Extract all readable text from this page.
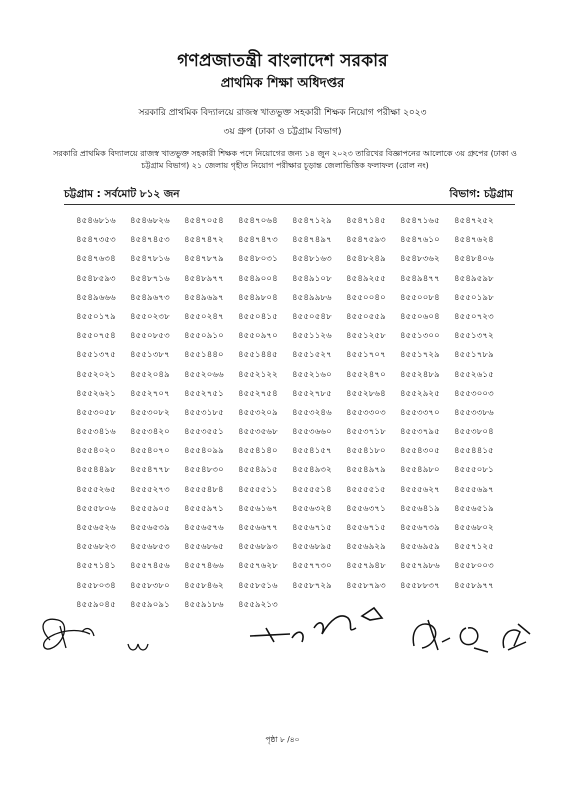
গণপ্রজাতন্ত্রী বাংলাদেশ সরকার
প্রাথমিক শিক্ষা অধিদপ্তর
সরকারি প্রাথমিক বিদ্যালয়ে রাজস্ব খাতভুক্ত সহকারী শিক্ষক নিয়োগ পরীক্ষা ২০২৩
৩য় গ্রুপ (ঢাকা ও চট্টগ্রাম বিভাগ)
সরকারি প্রাথমিক বিদ্যালয়ে রাজস্ব খাতভুক্ত সহকারী শিক্ষক পদে নিয়োগের জন্য ১৪ জুন ২০২৩ তারিখের বিজ্ঞাপনের আলোকে ৩য় গ্রুপের (ঢাকা ও চট্টগ্রাম বিভাগ) ২১ জেলায় গৃহীত নিয়োগ পরীক্ষার চূড়ান্ত জেলাভিত্তিক ফলাফল (রোল নং)
চট্টগ্রাম : সর্বমোট ৮১২ জন	বিভাগ: চট্টগ্রাম
৪৫৪৬৮১৬	৪৫৪৬৮২৬	৪৫৪৭০৫৪	৪৫৪৭০৬৪	৪৫৪৭১২৯	৪৫৪৭১৪৫	৪৫৪৭১৬৫	৪৫৪৭২৫২
৪৫৪৭৩৫৩	৪৫৪৭৪৫৩	৪৫৪৭৪৭২	৪৫৪৭৪৭৩	৪৫৪৭৪৯৭	৪৫৪৭৫৯৩	৪৫৪৭৬১০	৪৫৪৭৬২৪
৪৫৪৭৬৩৪	৪৫৪৭৮১৬	৪৫৪৭৮৭৯	৪৫৪৮০৩১	৪৫৪৮১৬৩	৪৫৪৮২৪৯	৪৫৪৮৩৬২	৪৫৪৮৪০৬
৪৫৪৮৫৯৩	৪৫৪৮৭১৬	৪৫৪৮৯৭৭	৪৫৪৯০০৪	৪৫৪৯১০৮	৪৫৪৯২৫৫	৪৫৪৯৪৭৭	৪৫৪৯৫৯৮
৪৫৪৯৬৬৬	৪৫৪৯৬৭৩	৪৫৪৯৬৯৭	৪৫৪৯৮০৪	৪৫৪৯৯৮৬	৪৫৫০০৪০	৪৫৫০০৮৪	৪৫৫০১৯৮
৪৫৫০১৭৯	৪৫৫০২৩৮	৪৫৫০২৪৭	৪৫৫০৪১৫	৪৫৫০৫৪৮	৪৫৫০৫৫৯	৪৫৫০৬০৪	৪৫৫০৭২৩
৪৫৫০৭৫৪	৪৫৫০৮৫৩	৪৫৫০৯১০	৪৫৫০৯৭০	৪৫৫১১২৬	৪৫৫১২৫৮	৪৫৫১৩০০	৪৫৫১৩৭২
৪৫৫১৩৭৫	৪৫৫১৩৮৭	৪৫৫১৪৪০	৪৫৫১৪৪৫	৪৫৫১৫২৭	৪৫৫১৭০৭	৪৫৫১৭২৯	৪৫৫১৭৮৯
৪৫৫২০২১	৪৫৫২০৪৯	৪৫৫২০৬৬	৪৫৫২১২২	৪৫৫২১৬০	৪৫৫২৪৭০	৪৫৫২৪৮৯	৪৫৫২৬১৫
৪৫৫২৬২১	৪৫৫২৭০৭	৪৫৫২৭৫১	৪৫৫২৭৫৪	৪৫৫২৭৮৫	৪৫৫২৮৬৪	৪৫৫২৯২৫	৪৫৫৩০০৩
৪৫৫৩০৫৮	৪৫৫৩০৮২	৪৫৫৩১৮৫	৪৫৫৩২০৯	৪৫৫৩২৪৬	৪৫৫৩৩০৩	৪৫৫৩৩৭০	৪৫৫৩৩৮৬
৪৫৫৩৪১৬	৪৫৫৩৪২০	৪৫৫৩৫৫১	৪৫৫৩৫৬৮	৪৫৫৩৬৬০	৪৫৫৩৭১৮	৪৫৫৩৭৯৫	৪৫৫৩৮০৪
৪৫৫৪০২০	৪৫৫৪০৭০	৪৫৫৪০৯৯	৪৫৫৪১৪০	৪৫৫৪১৫৭	৪৫৫৪১৮০	৪৫৫৪৩০৫	৪৫৫৪৪১৫
৪৫৫৪৪৯৮	৪৫৫৪৭৭৮	৪৫৫৪৮৩০	৪৫৫৪৯১৫	৪৫৫৪৯৩২	৪৫৫৪৯৭৯	৪৫৫৪৯৮০	৪৫৫৫০৮১
৪৫৫৫২৬৫	৪৫৫৫২৭৩	৪৫৫৫৪৮৪	৪৫৫৫৫১১	৪৫৫৫৫১৪	৪৫৫৫৫১৫	৪৫৫৫৬২৭	৪৫৫৫৬৯৭
৪৫৫৫৮০৬	৪৫৫৫৯০৫	৪৫৫৫৯৭১	৪৫৫৬১৬৭	৪৫৫৬৩২৪	৪৫৫৬৩৭১	৪৫৫৬৪১৯	৪৫৫৬৫১৯
৪৫৫৬৫২৬	৪৫৫৬৫৩৯	৪৫৫৬৫৭৬	৪৫৫৬৬৭৭	৪৫৫৬৭১৫	৪৫৫৬৭১৫	৪৫৫৬৭৩৯	৪৫৫৬৮০২
৪৫৫৬৮২৩	৪৫৫৬৮৫৩	৪৫৫৬৮৬৫	৪৫৫৬৮৯৩	৪৫৫৬৮৯৫	৪৫৫৬৯২৯	৪৫৫৬৯৫৯	৪৫৫৭১২৫
৪৫৫৭১৪১	৪৫৫৭৪৫৬	৪৫৫৭৪৬৬	৪৫৫৭৬২৮	৪৫৫৭৭৩০	৪৫৫৭৯৪৮	৪৫৫৭৯৮৬	৪৫৫৮০০৩
৪৫৫৮০৩৪	৪৫৫৮৩৮০	৪৫৫৮৪৬২	৪৫৫৮৫১৬	৪৫৫৮৭২৯	৪৫৫৮৭৯৩	৪৫৫৮৮৩৭	৪৫৫৮৯৭৭
৪৫৫৯০৪৫	৪৫৫৯০৯১	৪৫৫৯১৮৬	৪৫৫৯২১৩
পৃষ্ঠা ৮ /৪০
